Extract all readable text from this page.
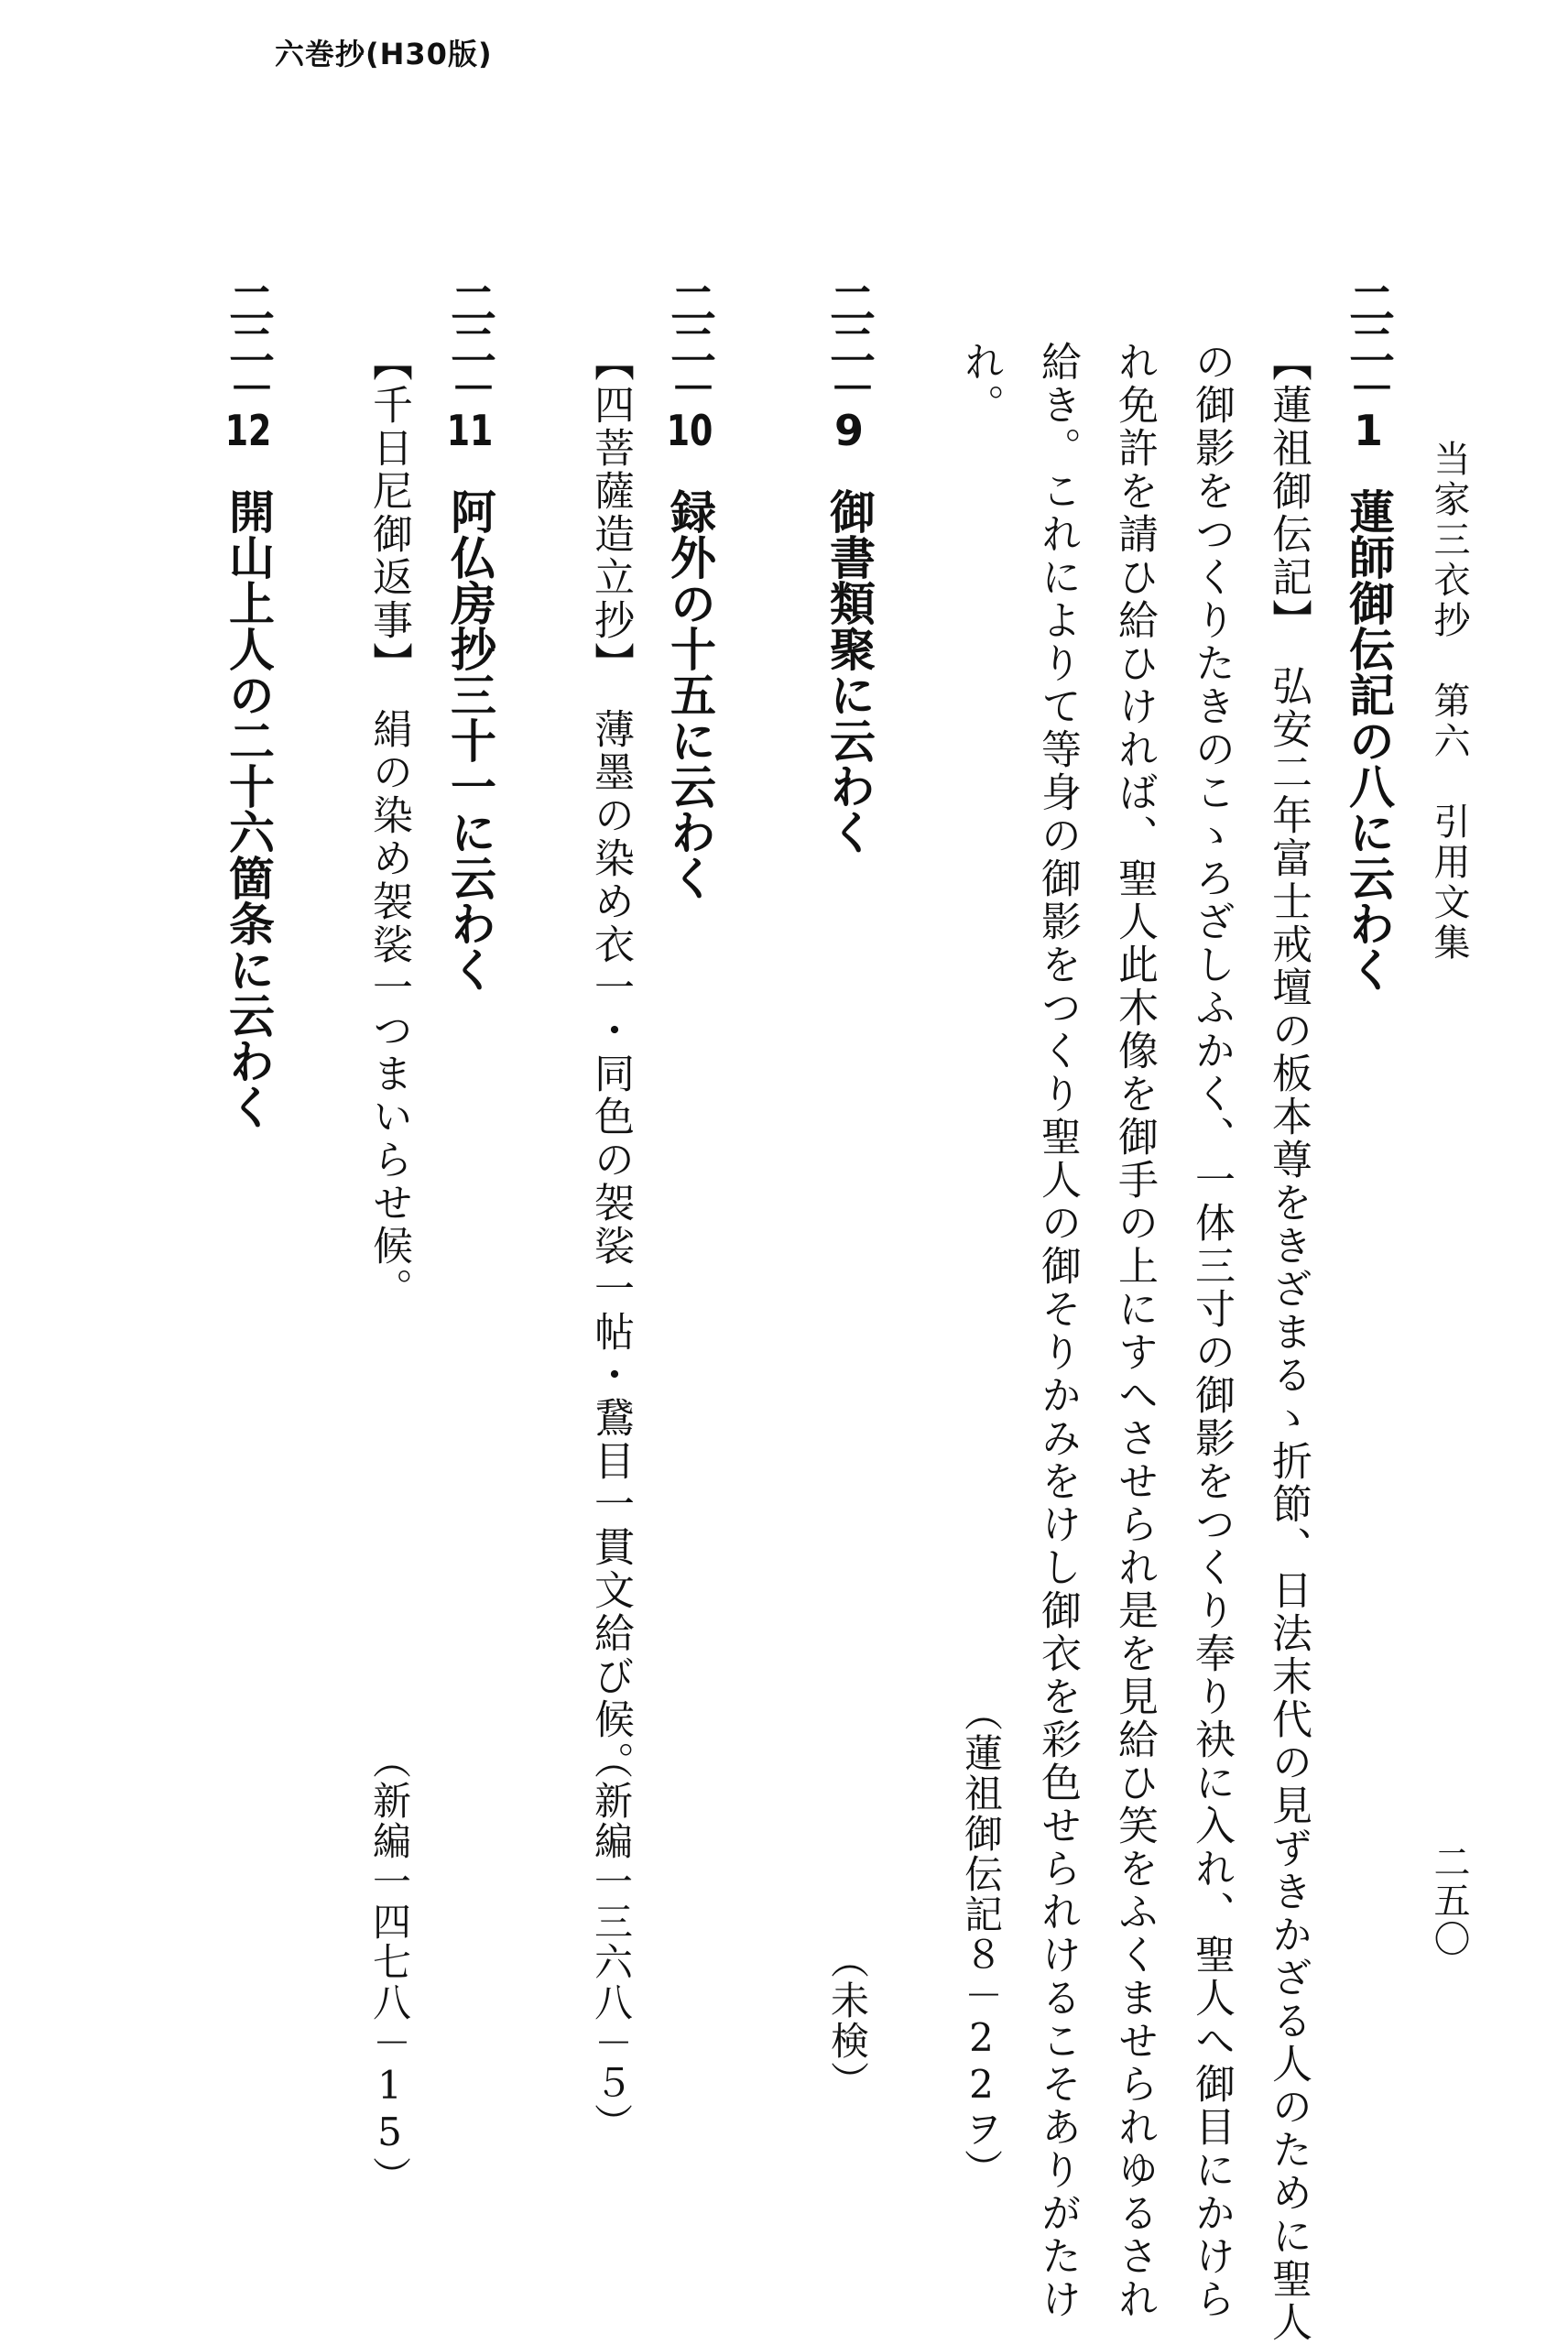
六巻抄(H30版)
当家三衣抄　第六　引用文集
二五〇
二二－1蓮師御伝記の八に云わく
【蓮祖御伝記】　弘安二年富士戒壇の板本尊をきざまるゝ折節、日法末代の見ずきかざる人のために聖人
の御影をつくりたきのこゝろざしふかく、一体三寸の御影をつくり奉り袂に入れ、聖人へ御目にかけら
れ免許を請ひ給ひければ、聖人此木像を御手の上にすへさせられ是を見給ひ笑をふくませられゆるされ
給き。これによりて等身の御影をつくり聖人の御そりかみをけし御衣を彩色せられけるこそありがたけ
れ。
（蓮祖御伝記８－22ヲ）
二二－9御書類聚に云わく
（未検）
二二－10録外の十五に云わく
【四菩薩造立抄】　薄墨の染め衣一・同色の袈裟一帖・鵞目一貫文給び候。
（新編一三六八－５）
二二－11阿仏房抄三十一に云わく
【千日尼御返事】　絹の染め袈裟一つまいらせ候。
（新編一四七八－15）
二二－12開山上人の二十六箇条に云わく
